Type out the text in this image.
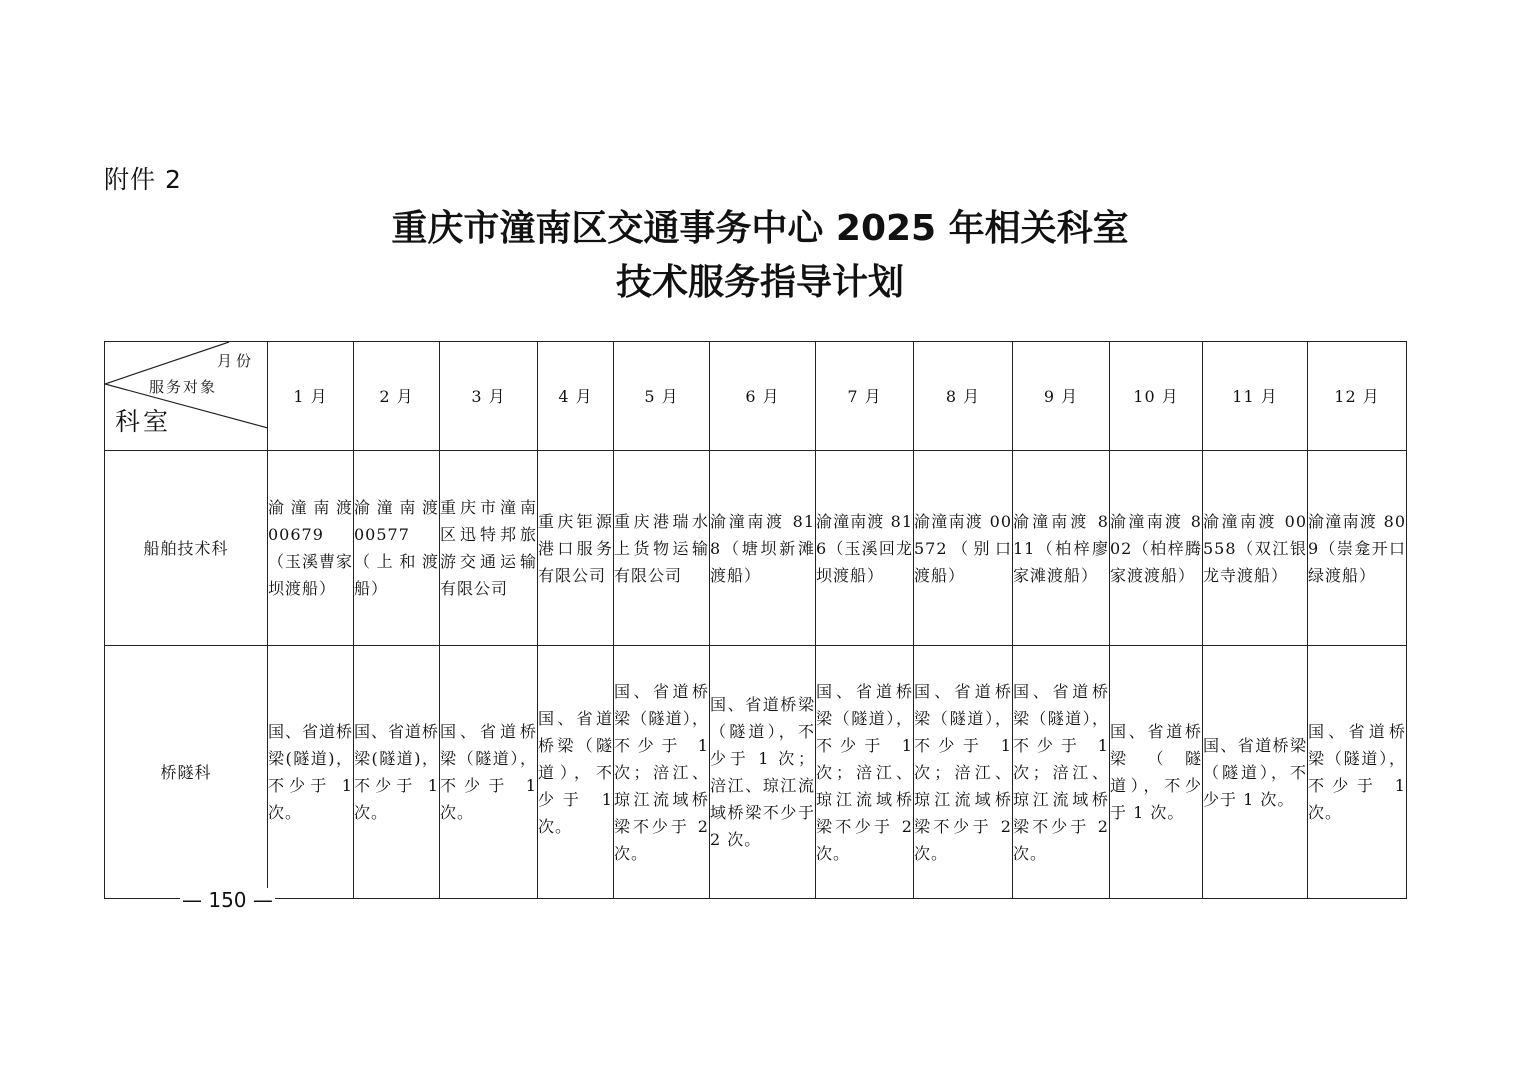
附件 2
重庆市潼南区交通事务中心 2025 年相关科室
技术服务指导计划
月份
服务对象
科室	1 月	2 月	3 月	4 月	5 月	6 月	7 月	8 月	9 月	10 月	11 月	12 月
船舶技术科	渝潼南渡 00679（玉溪曹家坝渡船）	渝潼南渡 00577（上和渡船）	重庆市潼南区迅特邦旅游交通运输有限公司	重庆钜源港口服务有限公司	重庆港瑞水上货物运输有限公司	渝潼南渡 818（塘坝新滩渡船）	渝潼南渡 816（玉溪回龙坝渡船）	渝潼南渡 00572（别口渡船）	渝潼南渡 811（柏梓廖家滩渡船）	渝潼南渡 802（柏梓腾家渡渡船）	渝潼南渡 00558（双江银龙寺渡船）	渝潼南渡 809（崇龛开口绿渡船）
桥隧科	国、省道桥梁(隧道)，不少于 1 次。	国、省道桥梁(隧道)，不少于 1 次。	国、省道桥梁（隧道），不少于 1 次。	国、省道桥梁（隧道），不少于 1 次。	国、省道桥梁（隧道），不少于 1 次；涪江、琼江流域桥梁不少于 2 次。	国、省道桥梁（隧道），不少于 1 次；涪江、琼江流域桥梁不少于 2 次。	国、省道桥梁（隧道），不少于 1 次；涪江、琼江流域桥梁不少于 2 次。	国、省道桥梁（隧道），不少于 1 次；涪江、琼江流域桥梁不少于 2 次。	国、省道桥梁（隧道），不少于 1 次；涪江、琼江流域桥梁不少于 2 次。	国、省道桥梁（隧道），不少于 1 次。	国、省道桥梁（隧道），不少于 1 次。	国、省道桥梁（隧道），不少于 1 次。
— 150 —
